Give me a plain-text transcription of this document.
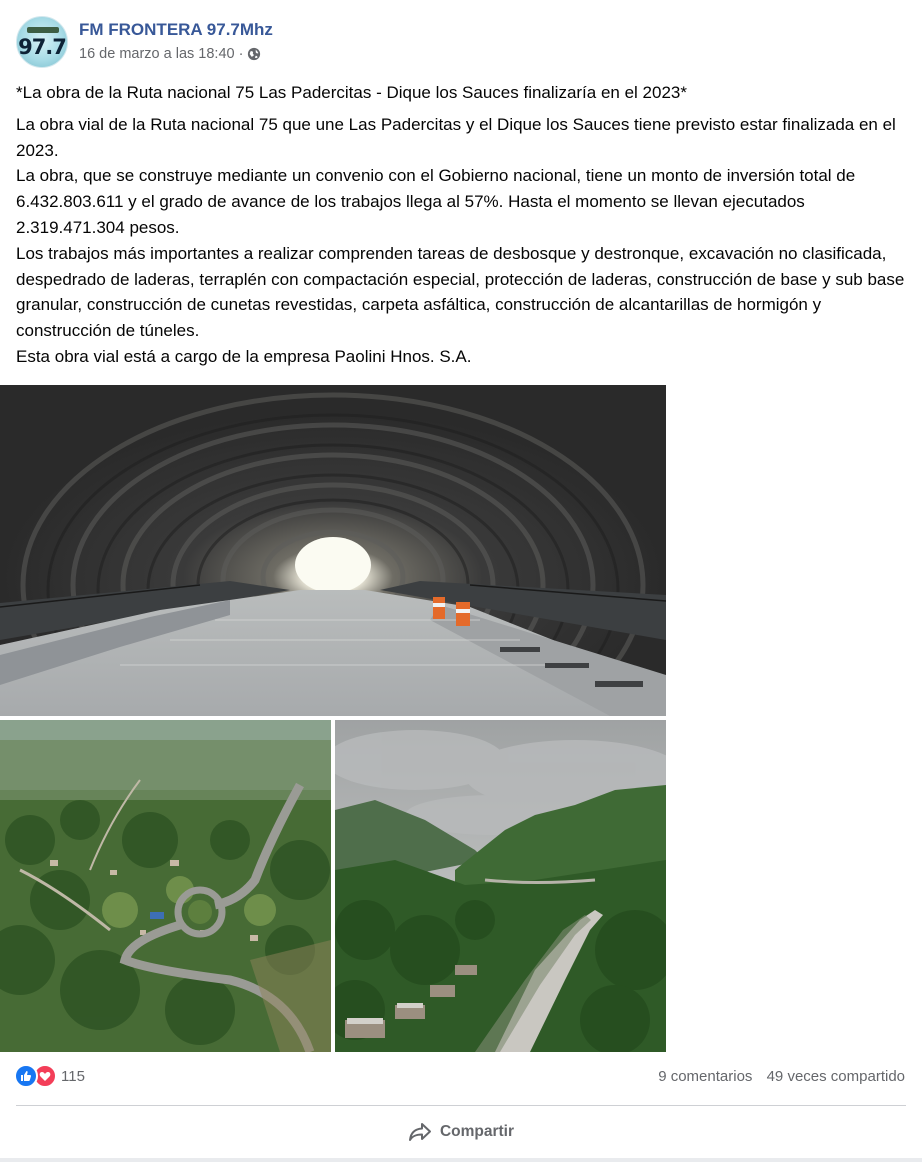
97.7
FM FRONTERA 97.7Mhz
16 de marzo a las 18:40 ·

*La obra de la Ruta nacional 75 Las Padercitas - Dique los Sauces finalizaría en el 2023*

La obra vial de la Ruta nacional 75 que une Las Padercitas y el Dique los Sauces tiene previsto estar finalizada en el 2023.

La obra, que se construye mediante un convenio con el Gobierno nacional, tiene un monto de inversión total de 6.432.803.611 y el grado de avance de los trabajos llega al 57%. Hasta el momento se llevan ejecutados 2.319.471.304 pesos.

Los trabajos más importantes a realizar comprenden tareas de desbosque y destronque, excavación no clasificada, despedrado de laderas, terraplén con compactación especial, protección de laderas, construcción de base y sub base granular, construcción de cunetas revestidas, carpeta asfáltica, construcción de alcantarillas de hormigón y construcción de túneles.

Esta obra vial está a cargo de la empresa Paolini Hnos. S.A.

115	9 comentarios 49 veces compartido
Compartir
